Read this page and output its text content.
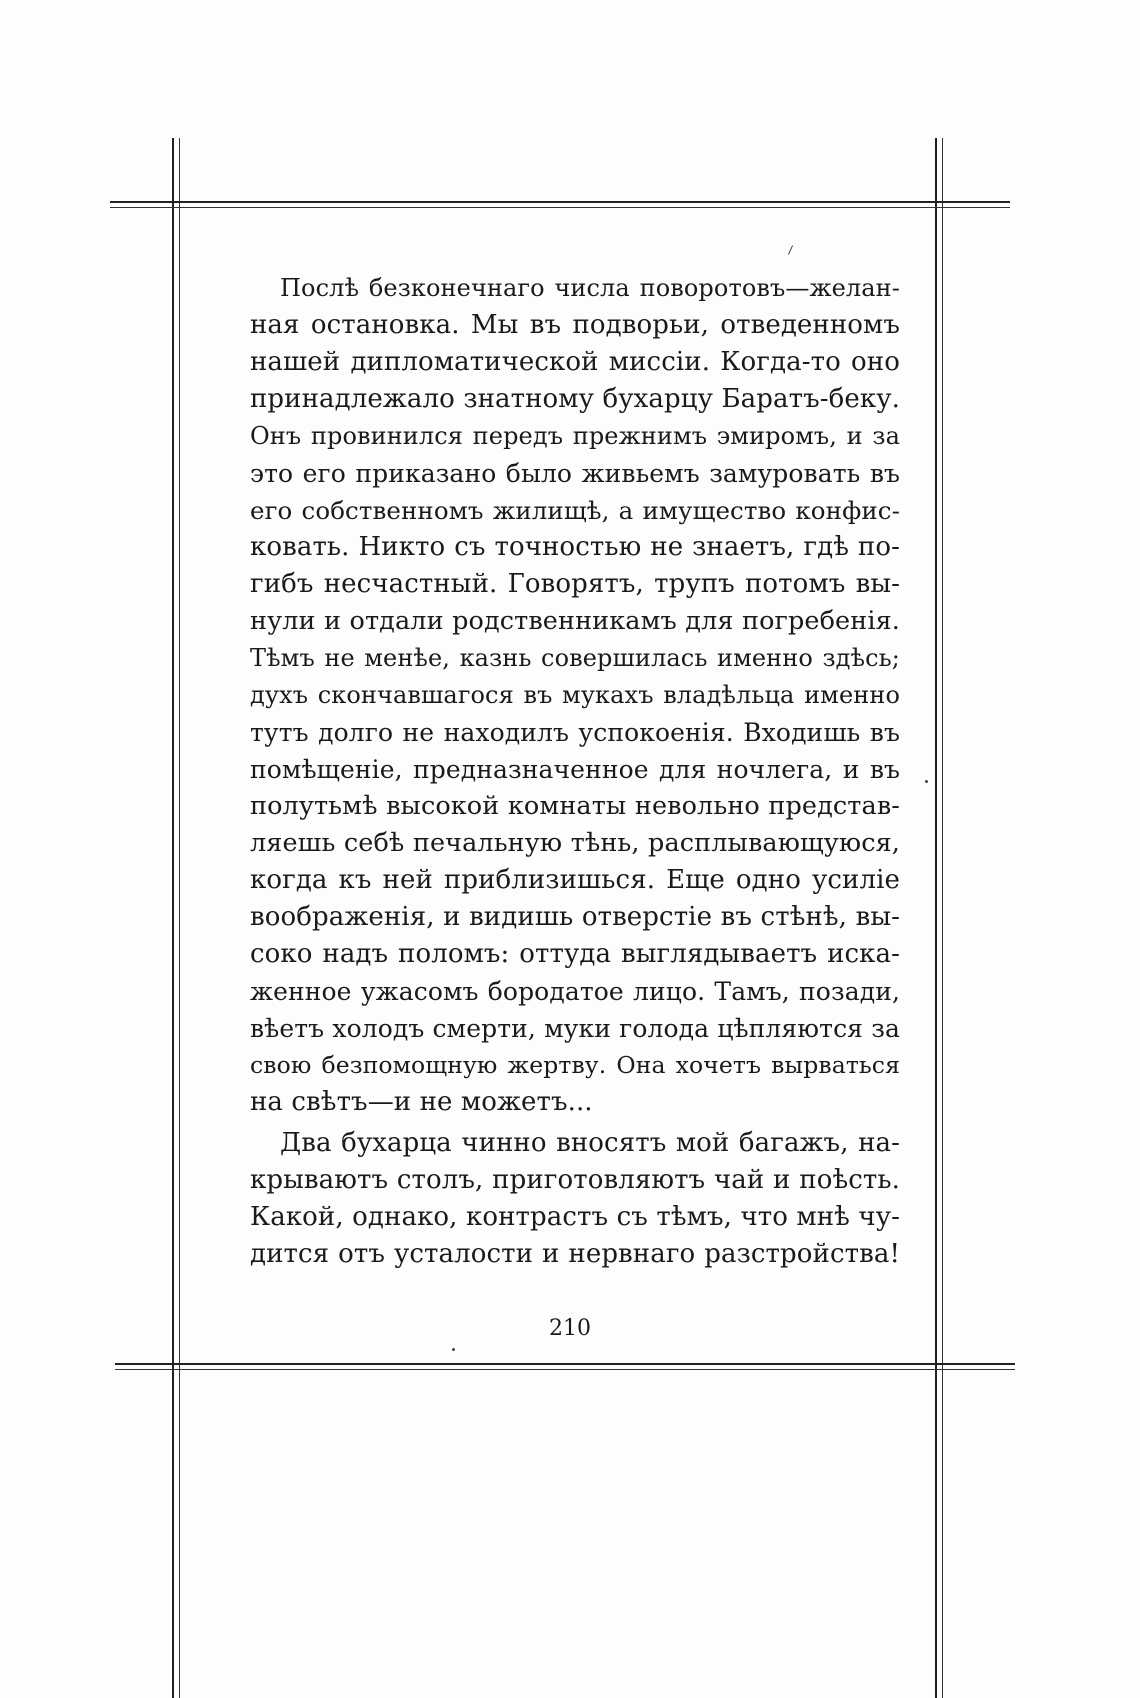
Послѣ безконечнаго числа поворотовъ—желан-
ная остановка. Мы въ подворьи, отведенномъ
нашей дипломатической миссіи. Когда-то оно
принадлежало знатному бухарцу Баратъ-беку.
Онъ провинился передъ прежнимъ эмиромъ, и за
это его приказано было живьемъ замуровать въ
его собственномъ жилищѣ, а имущество конфис-
ковать. Никто съ точностью не знаетъ, гдѣ по-
гибъ несчастный. Говорятъ, трупъ потомъ вы-
нули и отдали родственникамъ для погребенія.
Тѣмъ не менѣе, казнь совершилась именно здѣсь;
духъ скончавшагося въ мукахъ владѣльца именно
тутъ долго не находилъ успокоенія. Входишь въ
помѣщеніе, предназначенное для ночлега, и въ
полутьмѣ высокой комнаты невольно представ-
ляешь себѣ печальную тѣнь, расплывающуюся,
когда къ ней приблизишься. Еще одно усиліе
воображенія, и видишь отверстіе въ стѣнѣ, вы-
соко надъ поломъ: оттуда выглядываетъ иска-
женное ужасомъ бородатое лицо. Тамъ, позади,
вѣетъ холодъ смерти, муки голода цѣпляются за
свою безпомощную жертву. Она хочетъ вырваться
на свѣтъ—и не можетъ...
Два бухарца чинно вносятъ мой багажъ, на-
крываютъ столъ, приготовляютъ чай и поѣсть.
Какой, однако, контрастъ съ тѣмъ, что мнѣ чу-
дится отъ усталости и нервнаго разстройства!
210
